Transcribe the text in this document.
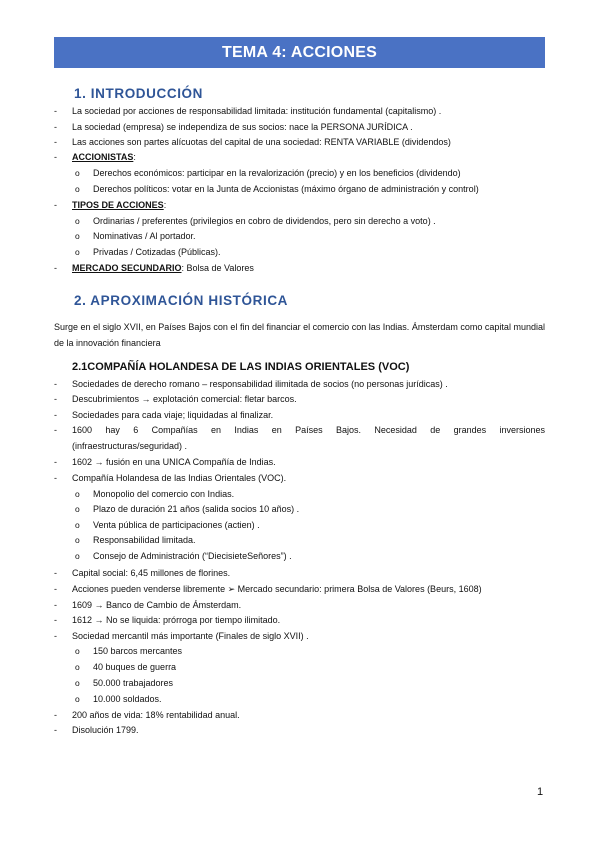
TEMA 4: ACCIONES
1. INTRODUCCIÓN
- La sociedad por acciones de responsabilidad limitada: institución fundamental (capitalismo) .
- La sociedad (empresa) se independiza de sus socios: nace la PERSONA JURÍDICA .
- Las acciones son partes alícuotas del capital de una sociedad: RENTA VARIABLE (dividendos)
- ACCIONISTAS:
o Derechos económicos: participar en la revalorización (precio) y en los beneficios (dividendo)
o Derechos políticos: votar en la Junta de Accionistas (máximo órgano de administración y control)
- TIPOS DE ACCIONES:
o Ordinarias / preferentes (privilegios en cobro de dividendos, pero sin derecho a voto) .
o Nominativas / Al portador.
o Privadas / Cotizadas (Públicas).
- MERCADO SECUNDARIO: Bolsa de Valores
2. APROXIMACIÓN HISTÓRICA
Surge en el siglo XVII, en Países Bajos con el fin del financiar el comercio con las Indias. Ámsterdam como capital mundial de la innovación financiera
2.1COMPAÑÍA HOLANDESA DE LAS INDIAS ORIENTALES (VOC)
- Sociedades de derecho romano – responsabilidad ilimitada de socios (no personas jurídicas) .
- Descubrimientos → explotación comercial: fletar barcos.
- Sociedades para cada viaje; liquidadas al finalizar.
- 1600 hay 6 Compañías en Indias en Países Bajos. Necesidad de grandes inversiones
(infraestructuras/seguridad) .
- 1602 → fusión en una UNICA Compañía de Indias.
- Compañía Holandesa de las Indias Orientales (VOC).
o Monopolio del comercio con Indias.
o Plazo de duración 21 años (salida socios 10 años) .
o Venta pública de participaciones (actien) .
o Responsabilidad limitada.
o Consejo de Administración (“DiecisieteSeñores”) .
- Capital social: 6,45 millones de florines.
- Acciones pueden venderse libremente ➢ Mercado secundario: primera Bolsa de Valores (Beurs, 1608)
- 1609 → Banco de Cambio de Ámsterdam.
- 1612 → No se liquida: prórroga por tiempo ilimitado.
- Sociedad mercantil más importante (Finales de siglo XVII) .
o 150 barcos mercantes
o 40 buques de guerra
o 50.000 trabajadores
o 10.000 soldados.
- 200 años de vida: 18% rentabilidad anual.
- Disolución 1799.
1
